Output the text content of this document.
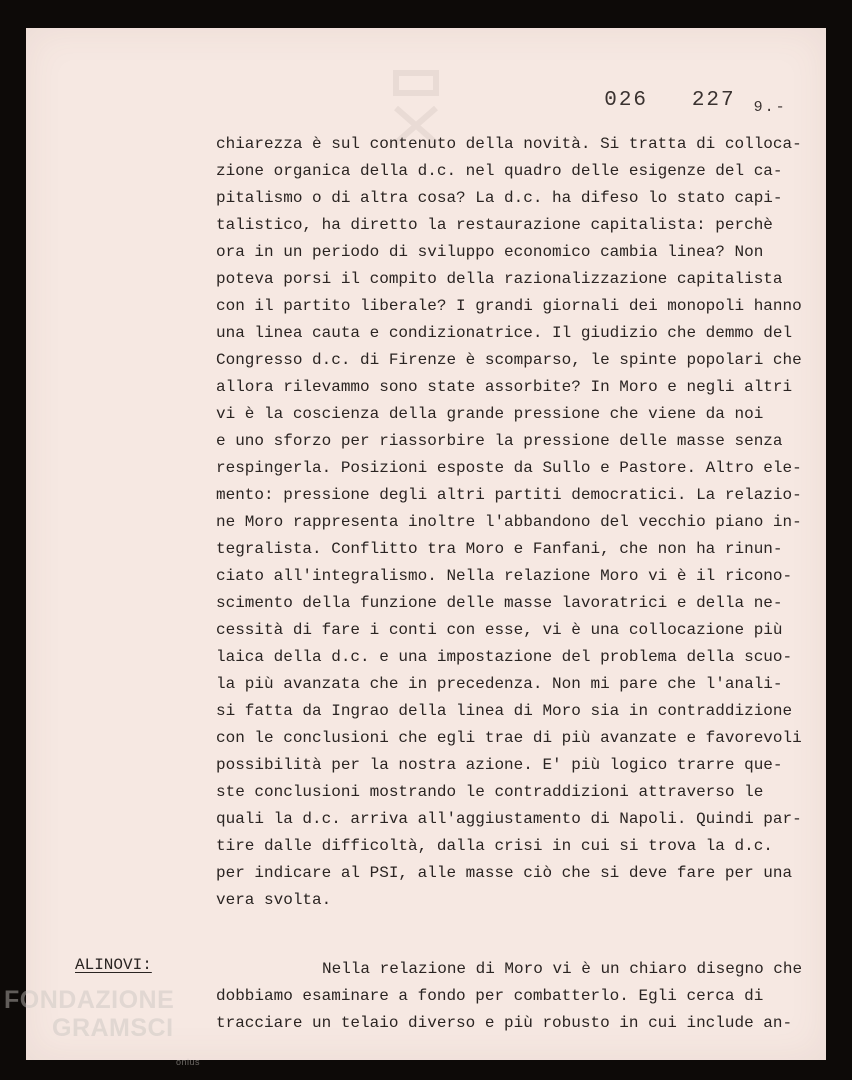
026   227 $_{9.-}$

chiarezza è sul contenuto della novità. Si tratta di collocа-
zione organica della d.c. nel quadro delle esigenze del ca-
pitalismo o di altra cosa? La d.c. ha difeso lo stato capi-
talistico, ha diretto la restaurazione capitalista: perchè
ora in un periodo di sviluppo economico cambia linea? Non
poteva porsi il compito della razionalizzazione capitalista
con il partito liberale? I grandi giornali dei monopoli hanno
una linea cauta e condizionatrice. Il giudizio che demmo del
Congresso d.c. di Firenze è scomparso, le spinte popolari che
allora rilevammo sono state assorbite? In Moro e negli altri
vi è la coscienza della grande pressione che viene da noi
e uno sforzo per riassorbire la pressione delle masse senza
respingerla. Posizioni esposte da Sullo e Pastore. Altro ele-
mento: pressione degli altri partiti democratici. La relazio-
ne Moro rappresenta inoltre l'abbandono del vecchio piano in-
tegralista. Conflitto tra Moro e Fanfani, che non ha rinun-
ciato all'integralismo. Nella relazione Moro vi è il ricono-
scimento della funzione delle masse lavoratrici e della ne-
cessità di fare i conti con esse, vi è una collocazione più
laica della d.c. e una impostazione del problema della scuo-
la più avanzata che in precedenza. Non mi pare che l'anali-
si fatta da Ingrao della linea di Moro sia in contraddizione
con le conclusioni che egli trae di più avanzate e favorevoli
possibilità per la nostra azione. E' più logico trarre que-
ste conclusioni mostrando le contraddizioni attraverso le
quali la d.c. arriva all'aggiustamento di Napoli. Quindi par-
tire dalle difficoltà, dalla crisi in cui si trova la d.c.
per indicare al PSI, alle masse ciò che si deve fare per una
vera svolta.
ALINOVI:	Nella relazione di Moro vi è un chiaro disegno che
dobbiamo esaminare a fondo per combatterlo. Egli cerca di
tracciare un telaio diverso e più robusto in cui include an-
FONDAZIONE
GRAMSCI
onlus
